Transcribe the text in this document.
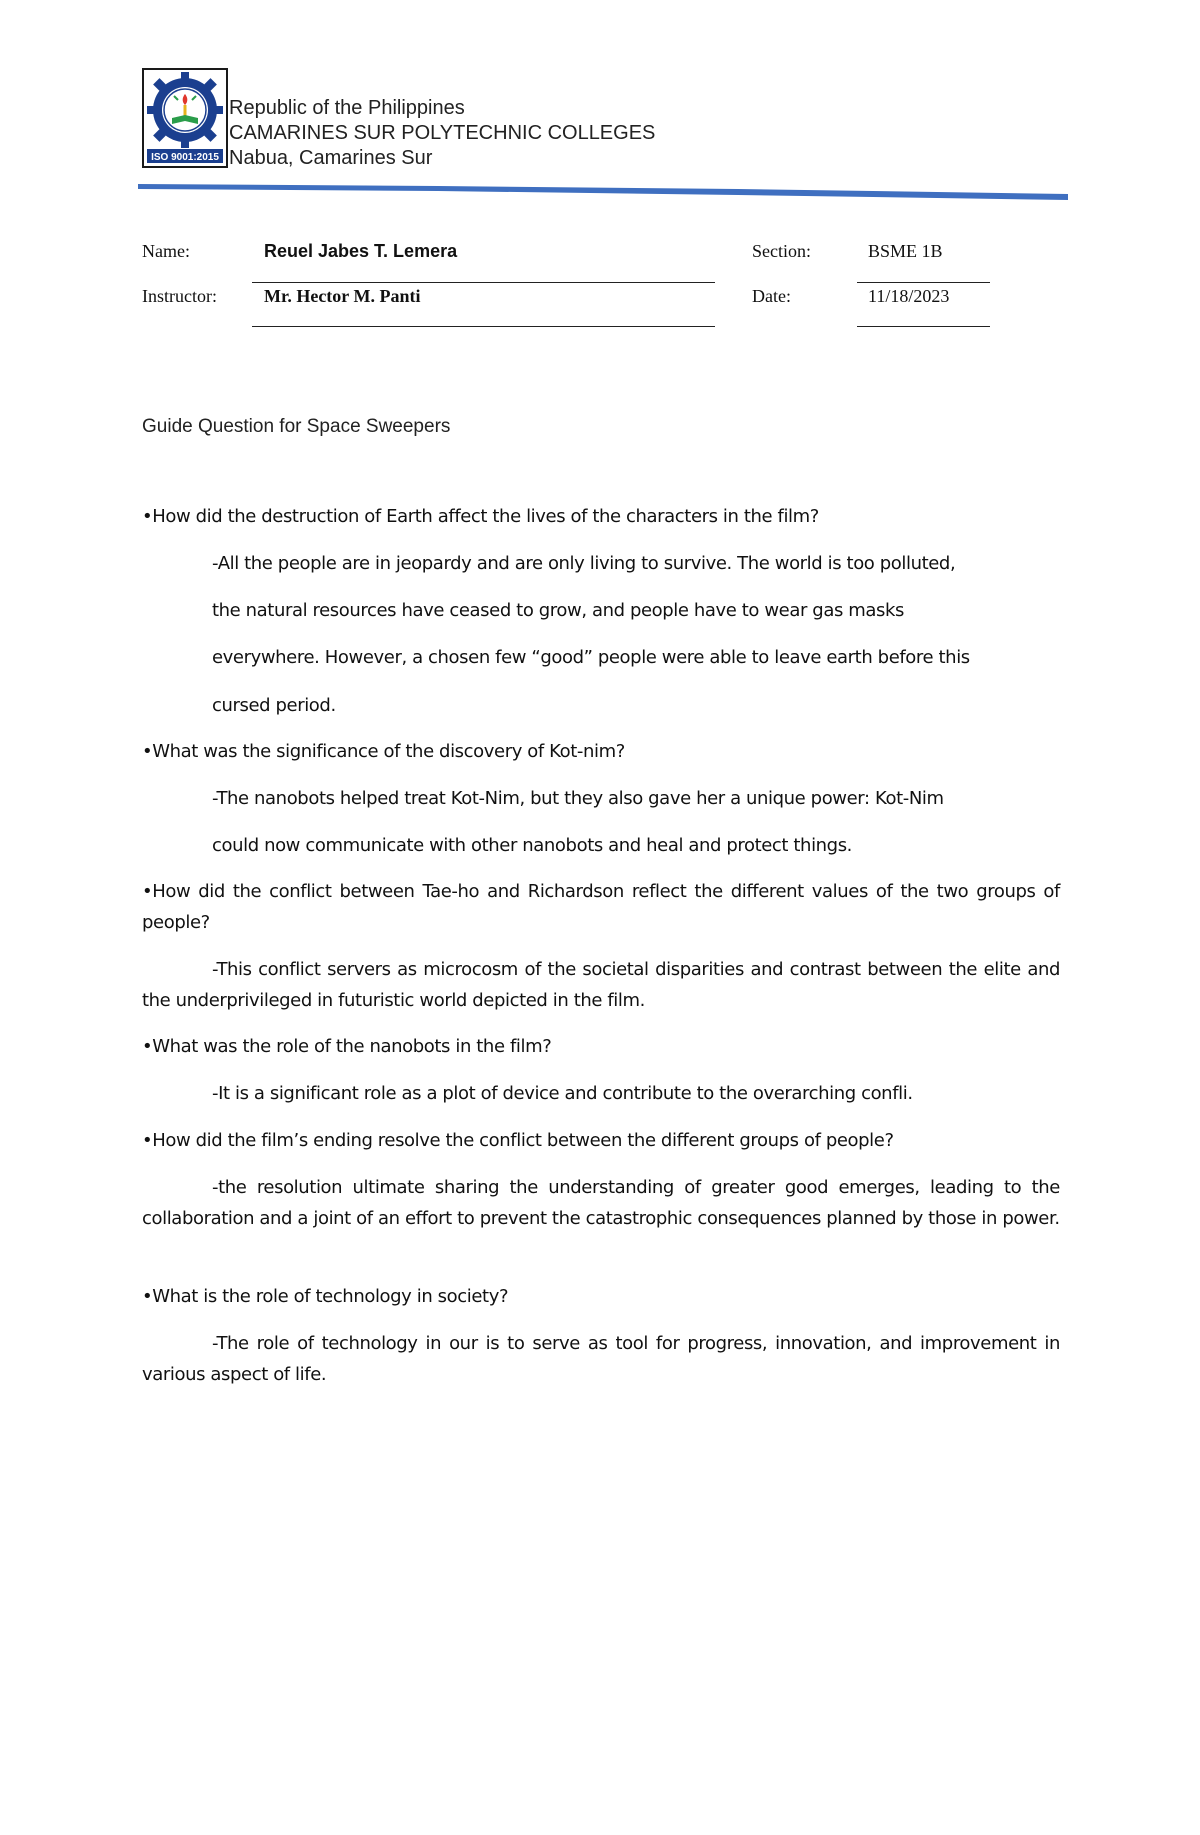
ISO 9001:2015
Republic of the Philippines
CAMARINES SUR POLYTECHNIC COLLEGES
Nabua, Camarines Sur
Name:	Reuel Jabes T. Lemera	Section:	BSME 1B
Instructor:	Mr. Hector M. Panti	Date:	11/18/2023
Guide Question for Space Sweepers
•How did the destruction of Earth affect the lives of the characters in the film?
-All the people are in jeopardy and are only living to survive. The world is too polluted,
the natural resources have ceased to grow, and people have to wear gas masks
everywhere. However, a chosen few “good” people were able to leave earth before this
cursed period.
•What was the significance of the discovery of Kot-nim?
-The nanobots helped treat Kot-Nim, but they also gave her a unique power: Kot-Nim
could now communicate with other nanobots and heal and protect things.
•How did the conflict between Tae-ho and Richardson reflect the different values of the two groups of people?
-This conflict servers as microcosm of the societal disparities and contrast between the elite and the underprivileged in futuristic world depicted in the film.
•What was the role of the nanobots in the film?
-It is a significant role as a plot of device and contribute to the overarching confli.
•How did the film’s ending resolve the conflict between the different groups of people?
-the resolution ultimate sharing the understanding of greater good emerges, leading to the collaboration and a joint of an effort to prevent the catastrophic consequences planned by those in power.
•What is the role of technology in society?
-The role of technology in our is to serve as tool for progress, innovation, and improvement in various aspect of life.
